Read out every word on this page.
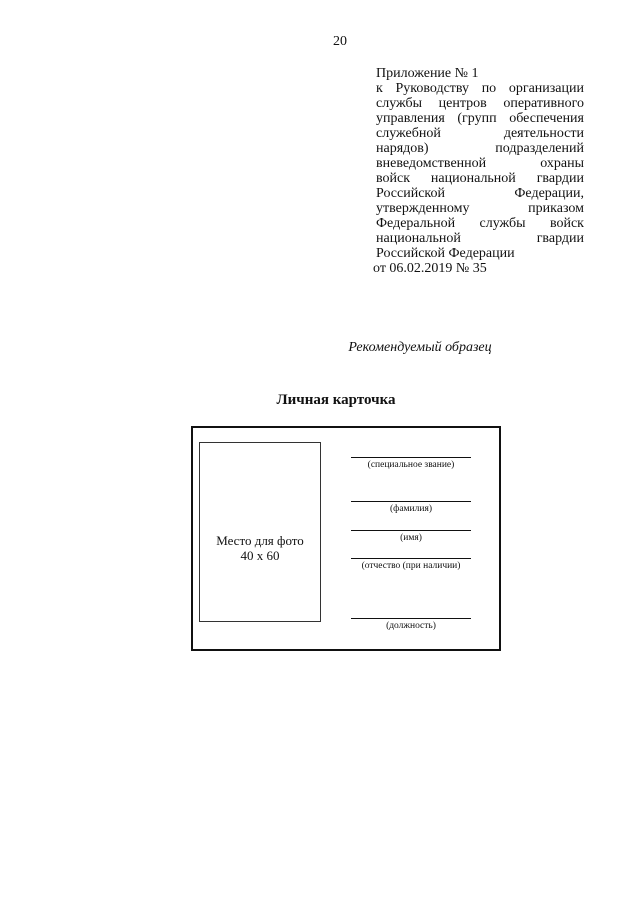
20
Приложение № 1
к Руководству по организации
службы центров оперативного
управления (групп обеспечения
служебной деятельности
нарядов) подразделений
вневедомственной охраны
войск национальной гвардии
Российской Федерации,
утвержденному приказом
Федеральной службы войск
национальной гвардии
Российской Федерации
от 06.02.2019 № 35
Рекомендуемый образец
Личная карточка
Место для фото
40 x 60
(специальное звание)
(фамилия)
(имя)
(отчество (при наличии)
(должность)
